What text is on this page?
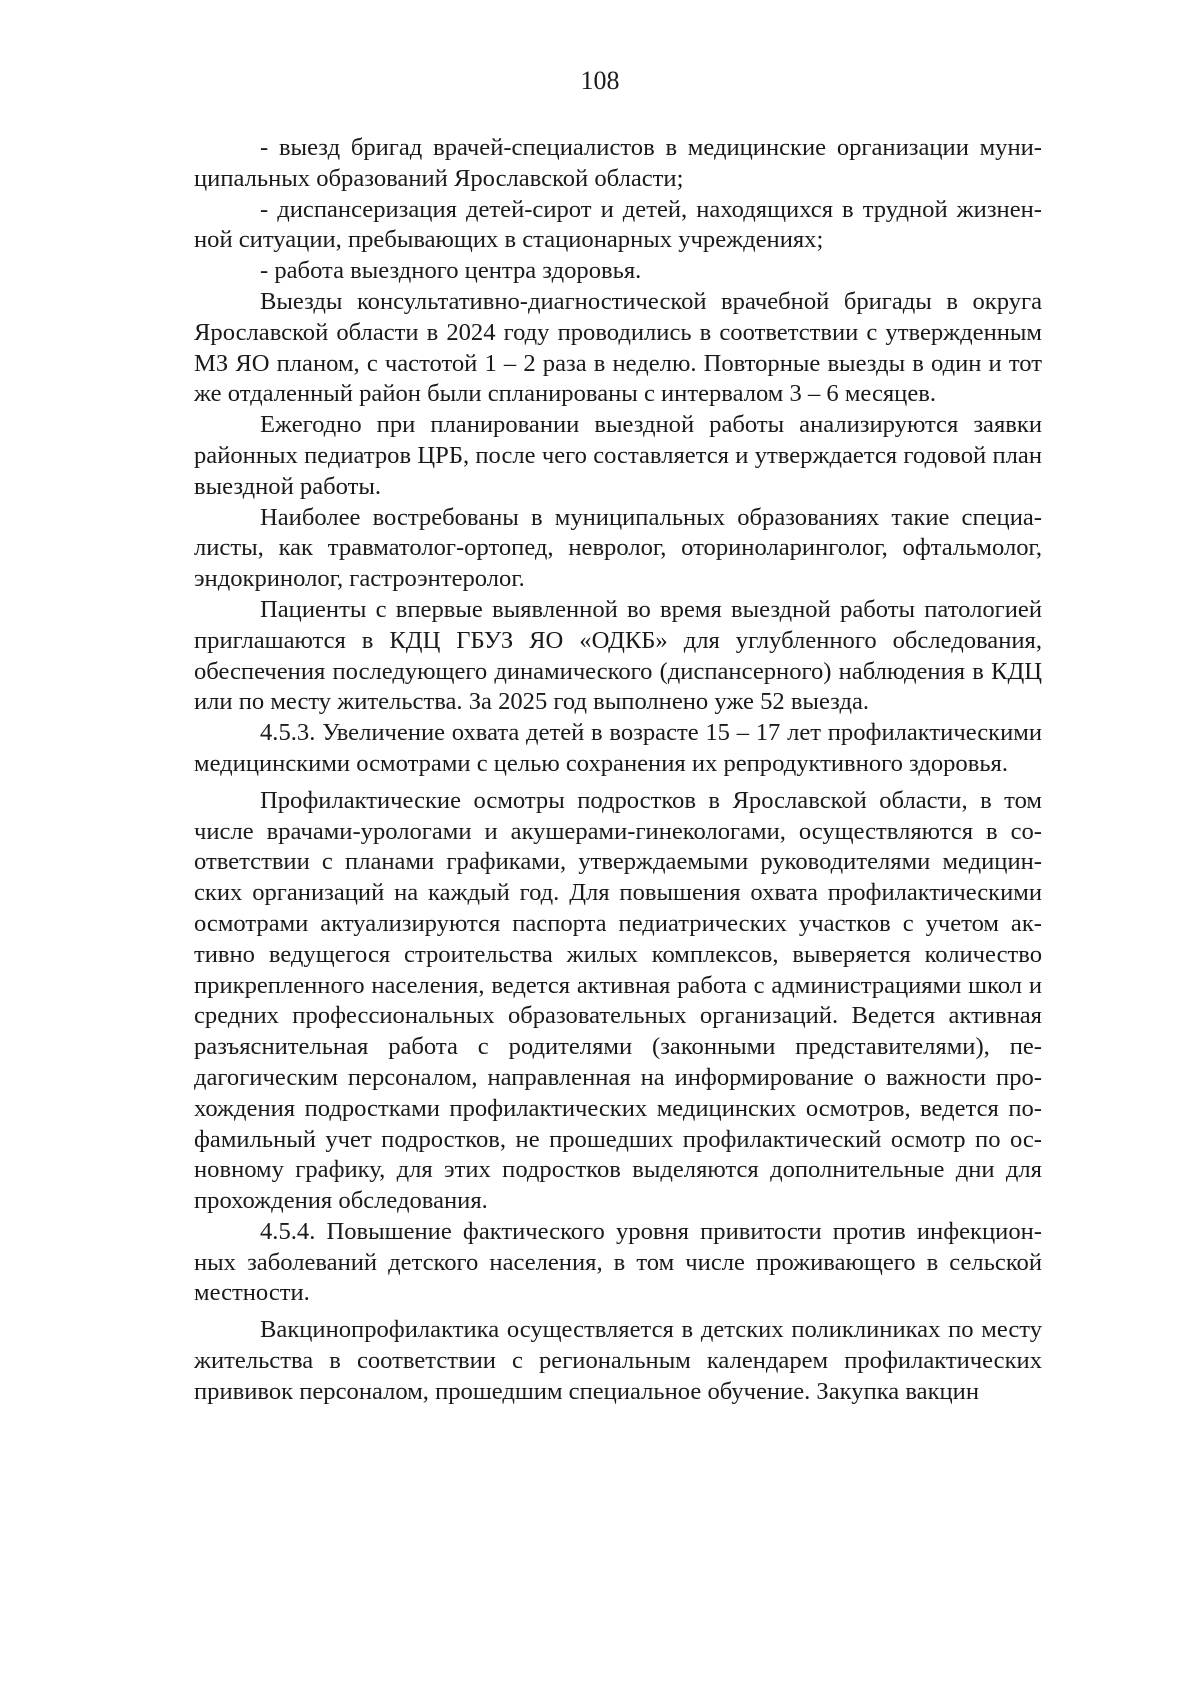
108

- выезд бригад врачей-специалистов в медицинские организации муниципальных образований Ярославской области;

- диспансеризация детей-сирот и детей, находящихся в трудной жизненной ситуации, пребывающих в стационарных учреждениях;

- работа выездного центра здоровья.

Выезды консультативно-диагностической врачебной бригады в округа Ярославской области в 2024 году проводились в соответствии с утвержденным МЗ ЯО планом, с частотой 1 – 2 раза в неделю. Повторные выезды в один и тот же отдаленный район были спланированы с интервалом 3 – 6 месяцев.

Ежегодно при планировании выездной работы анализируются заявки районных педиатров ЦРБ, после чего составляется и утверждается годовой план выездной работы.

Наиболее востребованы в муниципальных образованиях такие специалисты, как травматолог-ортопед, невролог, оториноларинголог, офтальмолог, эндокринолог, гастроэнтеролог.

Пациенты с впервые выявленной во время выездной работы патологией приглашаются в КДЦ ГБУЗ ЯО «ОДКБ» для углубленного обследования, обеспечения последующего динамического (диспансерного) наблюдения в КДЦ или по месту жительства. За 2025 год выполнено уже 52 выезда.

4.5.3. Увеличение охвата детей в возрасте 15 – 17 лет профилактическими медицинскими осмотрами с целью сохранения их репродуктивного здоровья.

Профилактические осмотры подростков в Ярославской области, в том числе врачами-урологами и акушерами-гинекологами, осуществляются в соответствии с планами графиками, утверждаемыми руководителями медицинских организаций на каждый год. Для повышения охвата профилактическими осмотрами актуализируются паспорта педиатрических участков с учетом активно ведущегося строительства жилых комплексов, выверяется количество прикрепленного населения, ведется активная работа с администрациями школ и средних профессиональных образовательных организаций. Ведется активная разъяснительная работа с родителями (законными представителями), педагогическим персоналом, направленная на информирование о важности прохождения подростками профилактических медицинских осмотров, ведется пофамильный учет подростков, не прошедших профилактический осмотр по основному графику, для этих подростков выделяются дополнительные дни для прохождения обследования.

4.5.4. Повышение фактического уровня привитости против инфекционных заболеваний детского населения, в том числе проживающего в сельской местности.

Вакцинопрофилактика осуществляется в детских поликлиниках по месту жительства в соответствии с региональным календарем профилактических прививок персоналом, прошедшим специальное обучение. Закупка вакцин
